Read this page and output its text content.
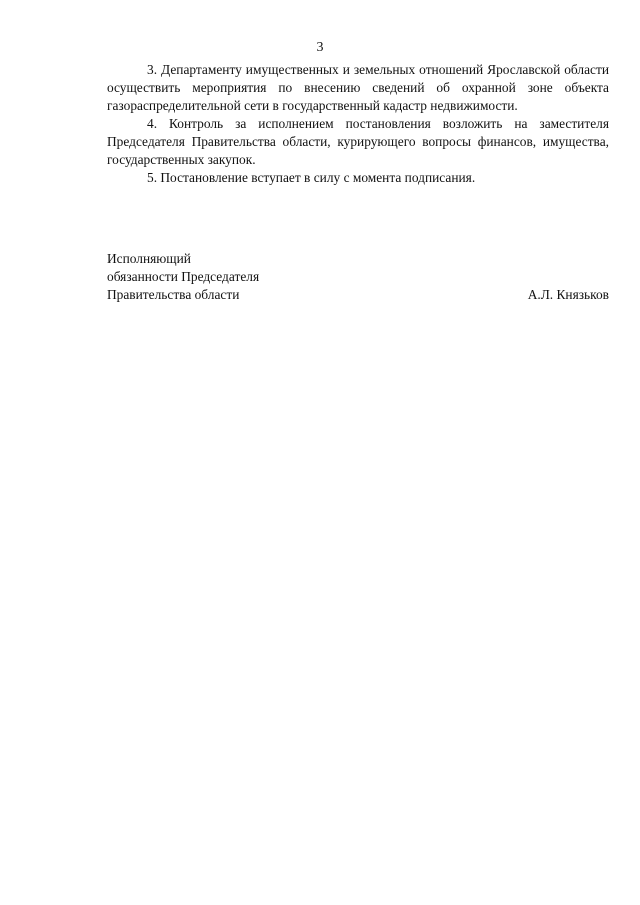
3

3. Департаменту имущественных и земельных отношений Ярославской области осуществить мероприятия по внесению сведений об охранной зоне объекта газораспределительной сети в государственный кадастр недвижимости.

4. Контроль за исполнением постановления возложить на заместителя Председателя Правительства области, курирующего вопросы финансов, имущества, государственных закупок.

5. Постановление вступает в силу с момента подписания.

Исполняющий
обязанности Председателя
Правительства области	А.Л. Князьков
